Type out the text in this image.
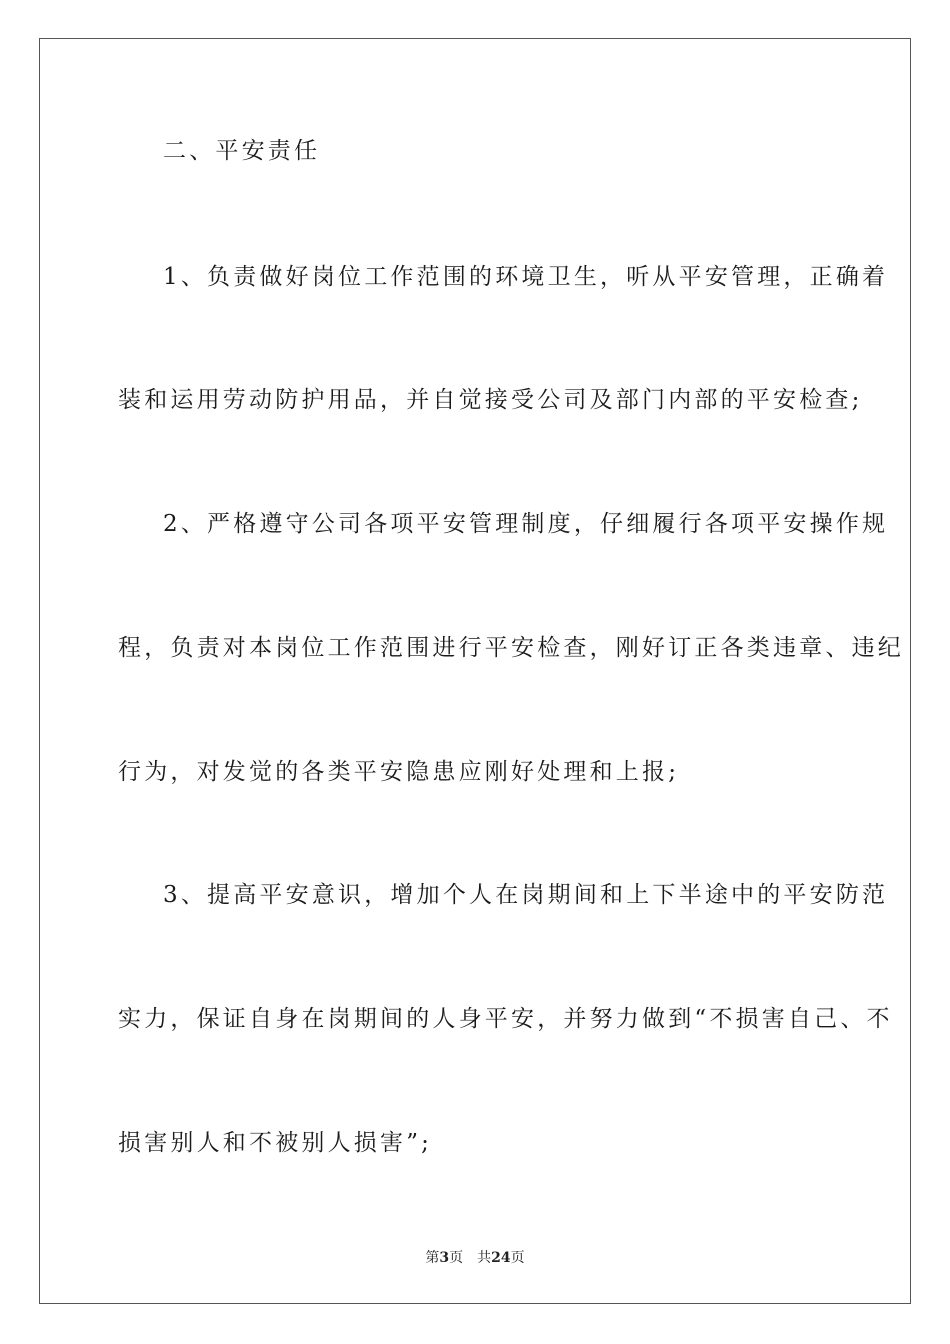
二、平安责任
1、负责做好岗位工作范围的环境卫生，听从平安管理，正确着
装和运用劳动防护用品，并自觉接受公司及部门内部的平安检查;
2、严格遵守公司各项平安管理制度，仔细履行各项平安操作规
程，负责对本岗位工作范围进行平安检查，刚好订正各类违章、违纪
行为，对发觉的各类平安隐患应刚好处理和上报;
3、提高平安意识，增加个人在岗期间和上下半途中的平安防范
实力，保证自身在岗期间的人身平安，并努力做到“不损害自己、不
损害别人和不被别人损害”;
第3页 共24页
